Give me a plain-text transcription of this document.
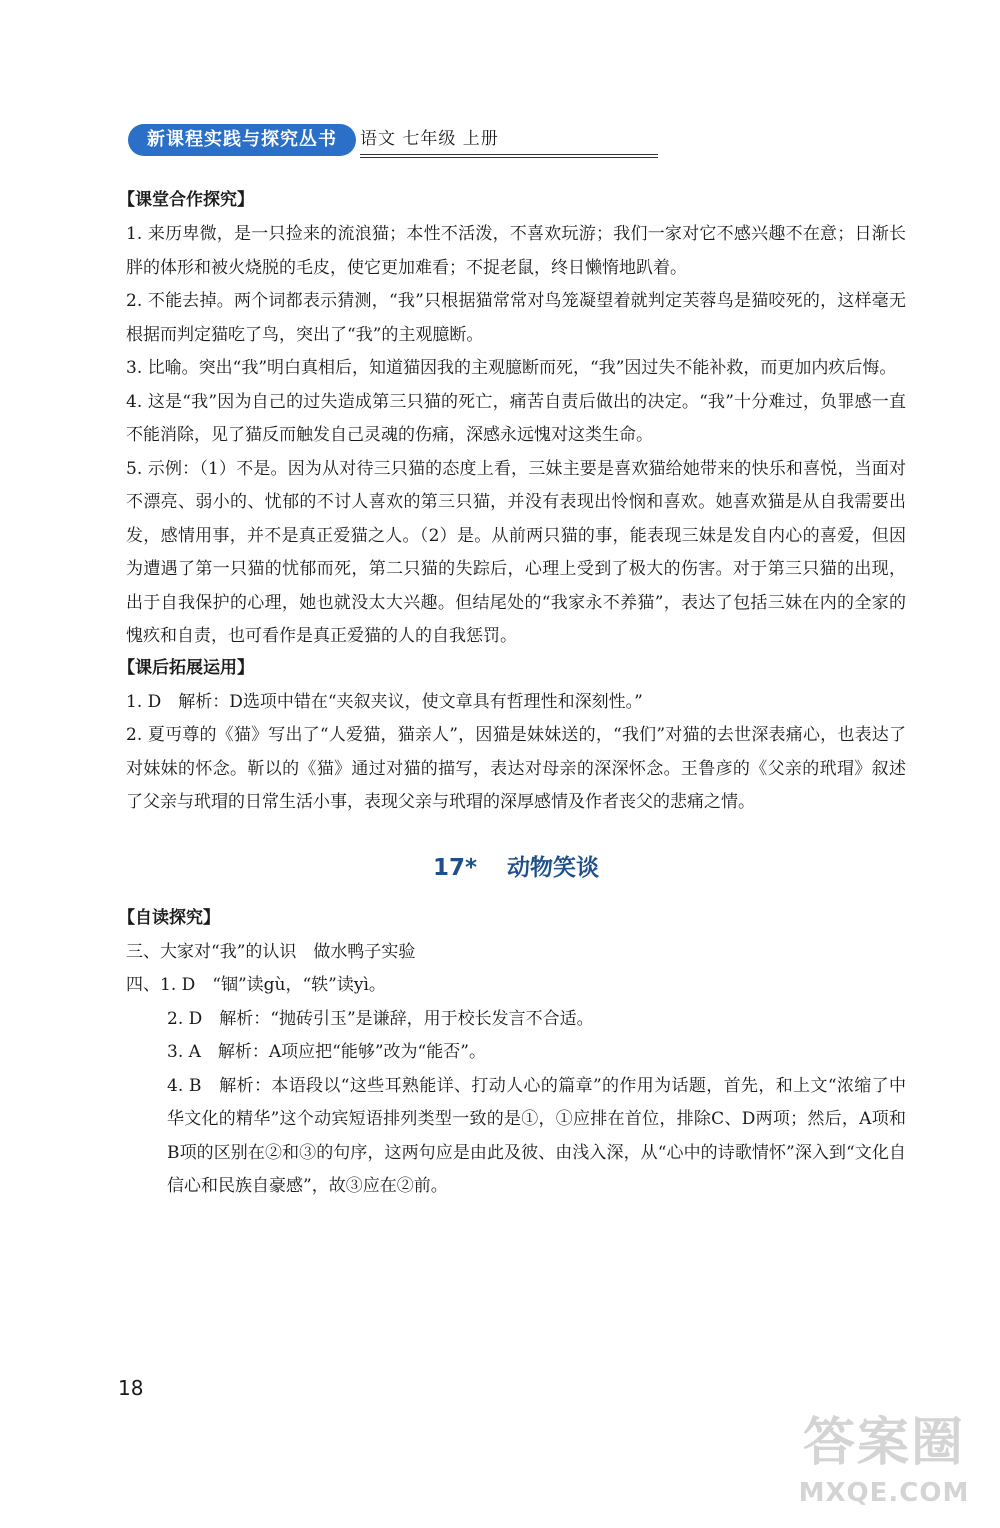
新课程实践与探究丛书	语文 七年级 上册
【课堂合作探究】

1. 来历卑微，是一只捡来的流浪猫；本性不活泼，不喜欢玩游；我们一家对它不感兴趣不在意；日渐长胖的体形和被火烧脱的毛皮，使它更加难看；不捉老鼠，终日懒惰地趴着。

2. 不能去掉。两个词都表示猜测，“我”只根据猫常常对鸟笼凝望着就判定芙蓉鸟是猫咬死的，这样毫无根据而判定猫吃了鸟，突出了“我”的主观臆断。

3. 比喻。突出“我”明白真相后，知道猫因我的主观臆断而死，“我”因过失不能补救，而更加内疚后悔。

4. 这是“我”因为自己的过失造成第三只猫的死亡，痛苦自责后做出的决定。“我”十分难过，负罪感一直不能消除，见了猫反而触发自己灵魂的伤痛，深感永远愧对这类生命。

5. 示例：（1）不是。因为从对待三只猫的态度上看，三妹主要是喜欢猫给她带来的快乐和喜悦，当面对不漂亮、弱小的、忧郁的不讨人喜欢的第三只猫，并没有表现出怜悯和喜欢。她喜欢猫是从自我需要出发，感情用事，并不是真正爱猫之人。（2）是。从前两只猫的事，能表现三妹是发自内心的喜爱，但因为遭遇了第一只猫的忧郁而死，第二只猫的失踪后，心理上受到了极大的伤害。对于第三只猫的出现，出于自我保护的心理，她也就没太大兴趣。但结尾处的“我家永不养猫”，表达了包括三妹在内的全家的愧疚和自责，也可看作是真正爱猫的人的自我惩罚。

【课后拓展运用】

1. D　解析：D选项中错在“夹叙夹议，使文章具有哲理性和深刻性。”

2. 夏丏尊的《猫》写出了“人爱猫，猫亲人”，因猫是妹妹送的，“我们”对猫的去世深表痛心，也表达了对妹妹的怀念。靳以的《猫》通过对猫的描写，表达对母亲的深深怀念。王鲁彦的《父亲的玳瑁》叙述了父亲与玳瑁的日常生活小事，表现父亲与玳瑁的深厚感情及作者丧父的悲痛之情。

17* 动物笑谈
【自读探究】

三、大家对“我”的认识　做水鸭子实验

四、1. D　“锢”读gù，“轶”读yì。

2. D　解析：“抛砖引玉”是谦辞，用于校长发言不合适。

3. A　解析：A项应把“能够”改为“能否”。

4. B　解析：本语段以“这些耳熟能详、打动人心的篇章”的作用为话题，首先，和上文“浓缩了中华文化的精华”这个动宾短语排列类型一致的是①，①应排在首位，排除C、D两项；然后，A项和B项的区别在②和③的句序，这两句应是由此及彼、由浅入深，从“心中的诗歌情怀”深入到“文化自信心和民族自豪感”，故③应在②前。

18
答案圈
MXQE.COM
